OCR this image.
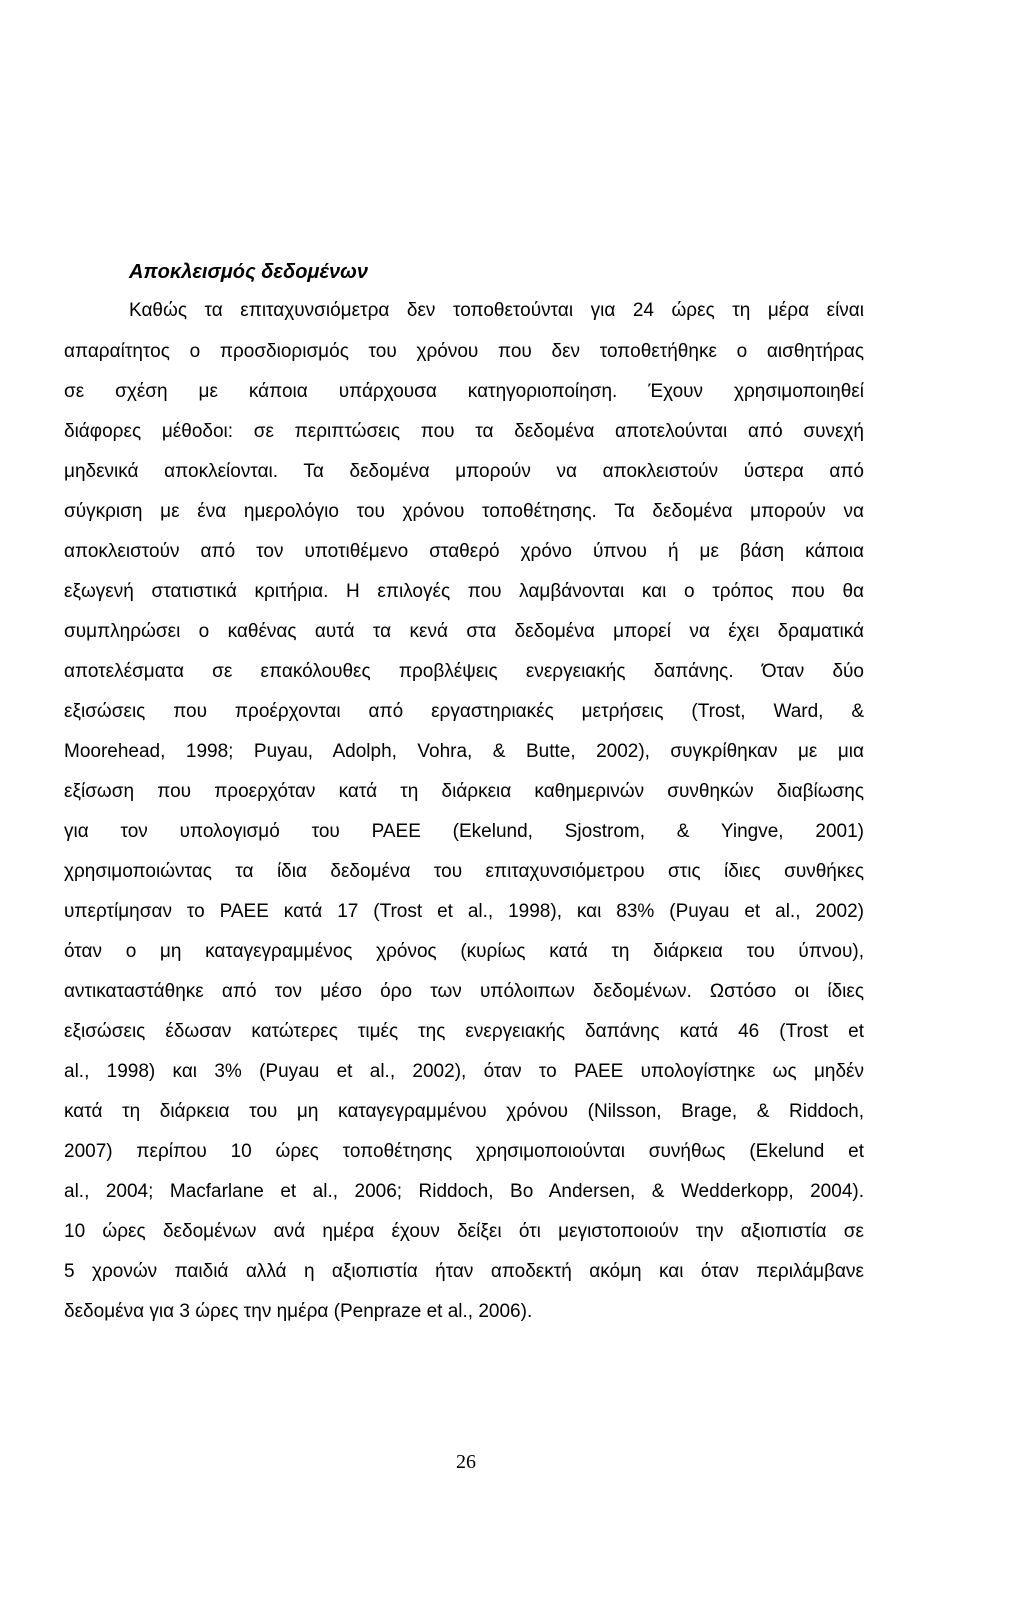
Αποκλεισμός δεδομένων

Καθώς τα επιταχυνσιόμετρα δεν τοποθετούνται για 24 ώρες τη μέρα είναι

απαραίτητος ο προσδιορισμός του χρόνου που δεν τοποθετήθηκε ο αισθητήρας

σε σχέση με κάποια υπάρχουσα κατηγοριοποίηση. Έχουν χρησιμοποιηθεί

διάφορες μέθοδοι: σε περιπτώσεις που τα δεδομένα αποτελούνται από συνεχή

μηδενικά αποκλείονται. Τα δεδομένα μπορούν να αποκλειστούν ύστερα από

σύγκριση με ένα ημερολόγιο του χρόνου τοποθέτησης. Τα δεδομένα μπορούν να

αποκλειστούν από τον υποτιθέμενο σταθερό χρόνο ύπνου ή με βάση κάποια

εξωγενή στατιστικά κριτήρια. Η επιλογές που λαμβάνονται και ο τρόπος που θα

συμπληρώσει ο καθένας αυτά τα κενά στα δεδομένα μπορεί να έχει δραματικά

αποτελέσματα σε επακόλουθες προβλέψεις ενεργειακής δαπάνης. Όταν δύο

εξισώσεις που προέρχονται από εργαστηριακές μετρήσεις (Trost, Ward, &

Moorehead, 1998; Puyau, Adolph, Vohra, & Butte, 2002), συγκρίθηκαν με μια

εξίσωση που προερχόταν κατά τη διάρκεια καθημερινών συνθηκών διαβίωσης

για τον υπολογισμό του PAEE (Ekelund, Sjostrom, & Yingve, 2001)

χρησιμοποιώντας τα ίδια δεδομένα του επιταχυνσιόμετρου στις ίδιες συνθήκες

υπερτίμησαν το PAEE κατά 17 (Trost et al., 1998), και 83% (Puyau et al., 2002)

όταν ο μη καταγεγραμμένος χρόνος (κυρίως κατά τη διάρκεια του ύπνου),

αντικαταστάθηκε από τον μέσο όρο των υπόλοιπων δεδομένων. Ωστόσο οι ίδιες

εξισώσεις έδωσαν κατώτερες τιμές της ενεργειακής δαπάνης κατά 46 (Trost et

al., 1998) και 3% (Puyau et al., 2002), όταν το PAEE υπολογίστηκε ως μηδέν

κατά τη διάρκεια του μη καταγεγραμμένου χρόνου (Nilsson, Brage, & Riddoch,

2007) περίπου 10 ώρες τοποθέτησης χρησιμοποιούνται συνήθως (Ekelund et

al., 2004; Macfarlane et al., 2006; Riddoch, Bo Andersen, & Wedderkopp, 2004).

10 ώρες δεδομένων ανά ημέρα έχουν δείξει ότι μεγιστοποιούν την αξιοπιστία σε

5 χρονών παιδιά αλλά η αξιοπιστία ήταν αποδεκτή ακόμη και όταν περιλάμβανε

δεδομένα για 3 ώρες την ημέρα (Penpraze et al., 2006).

26
